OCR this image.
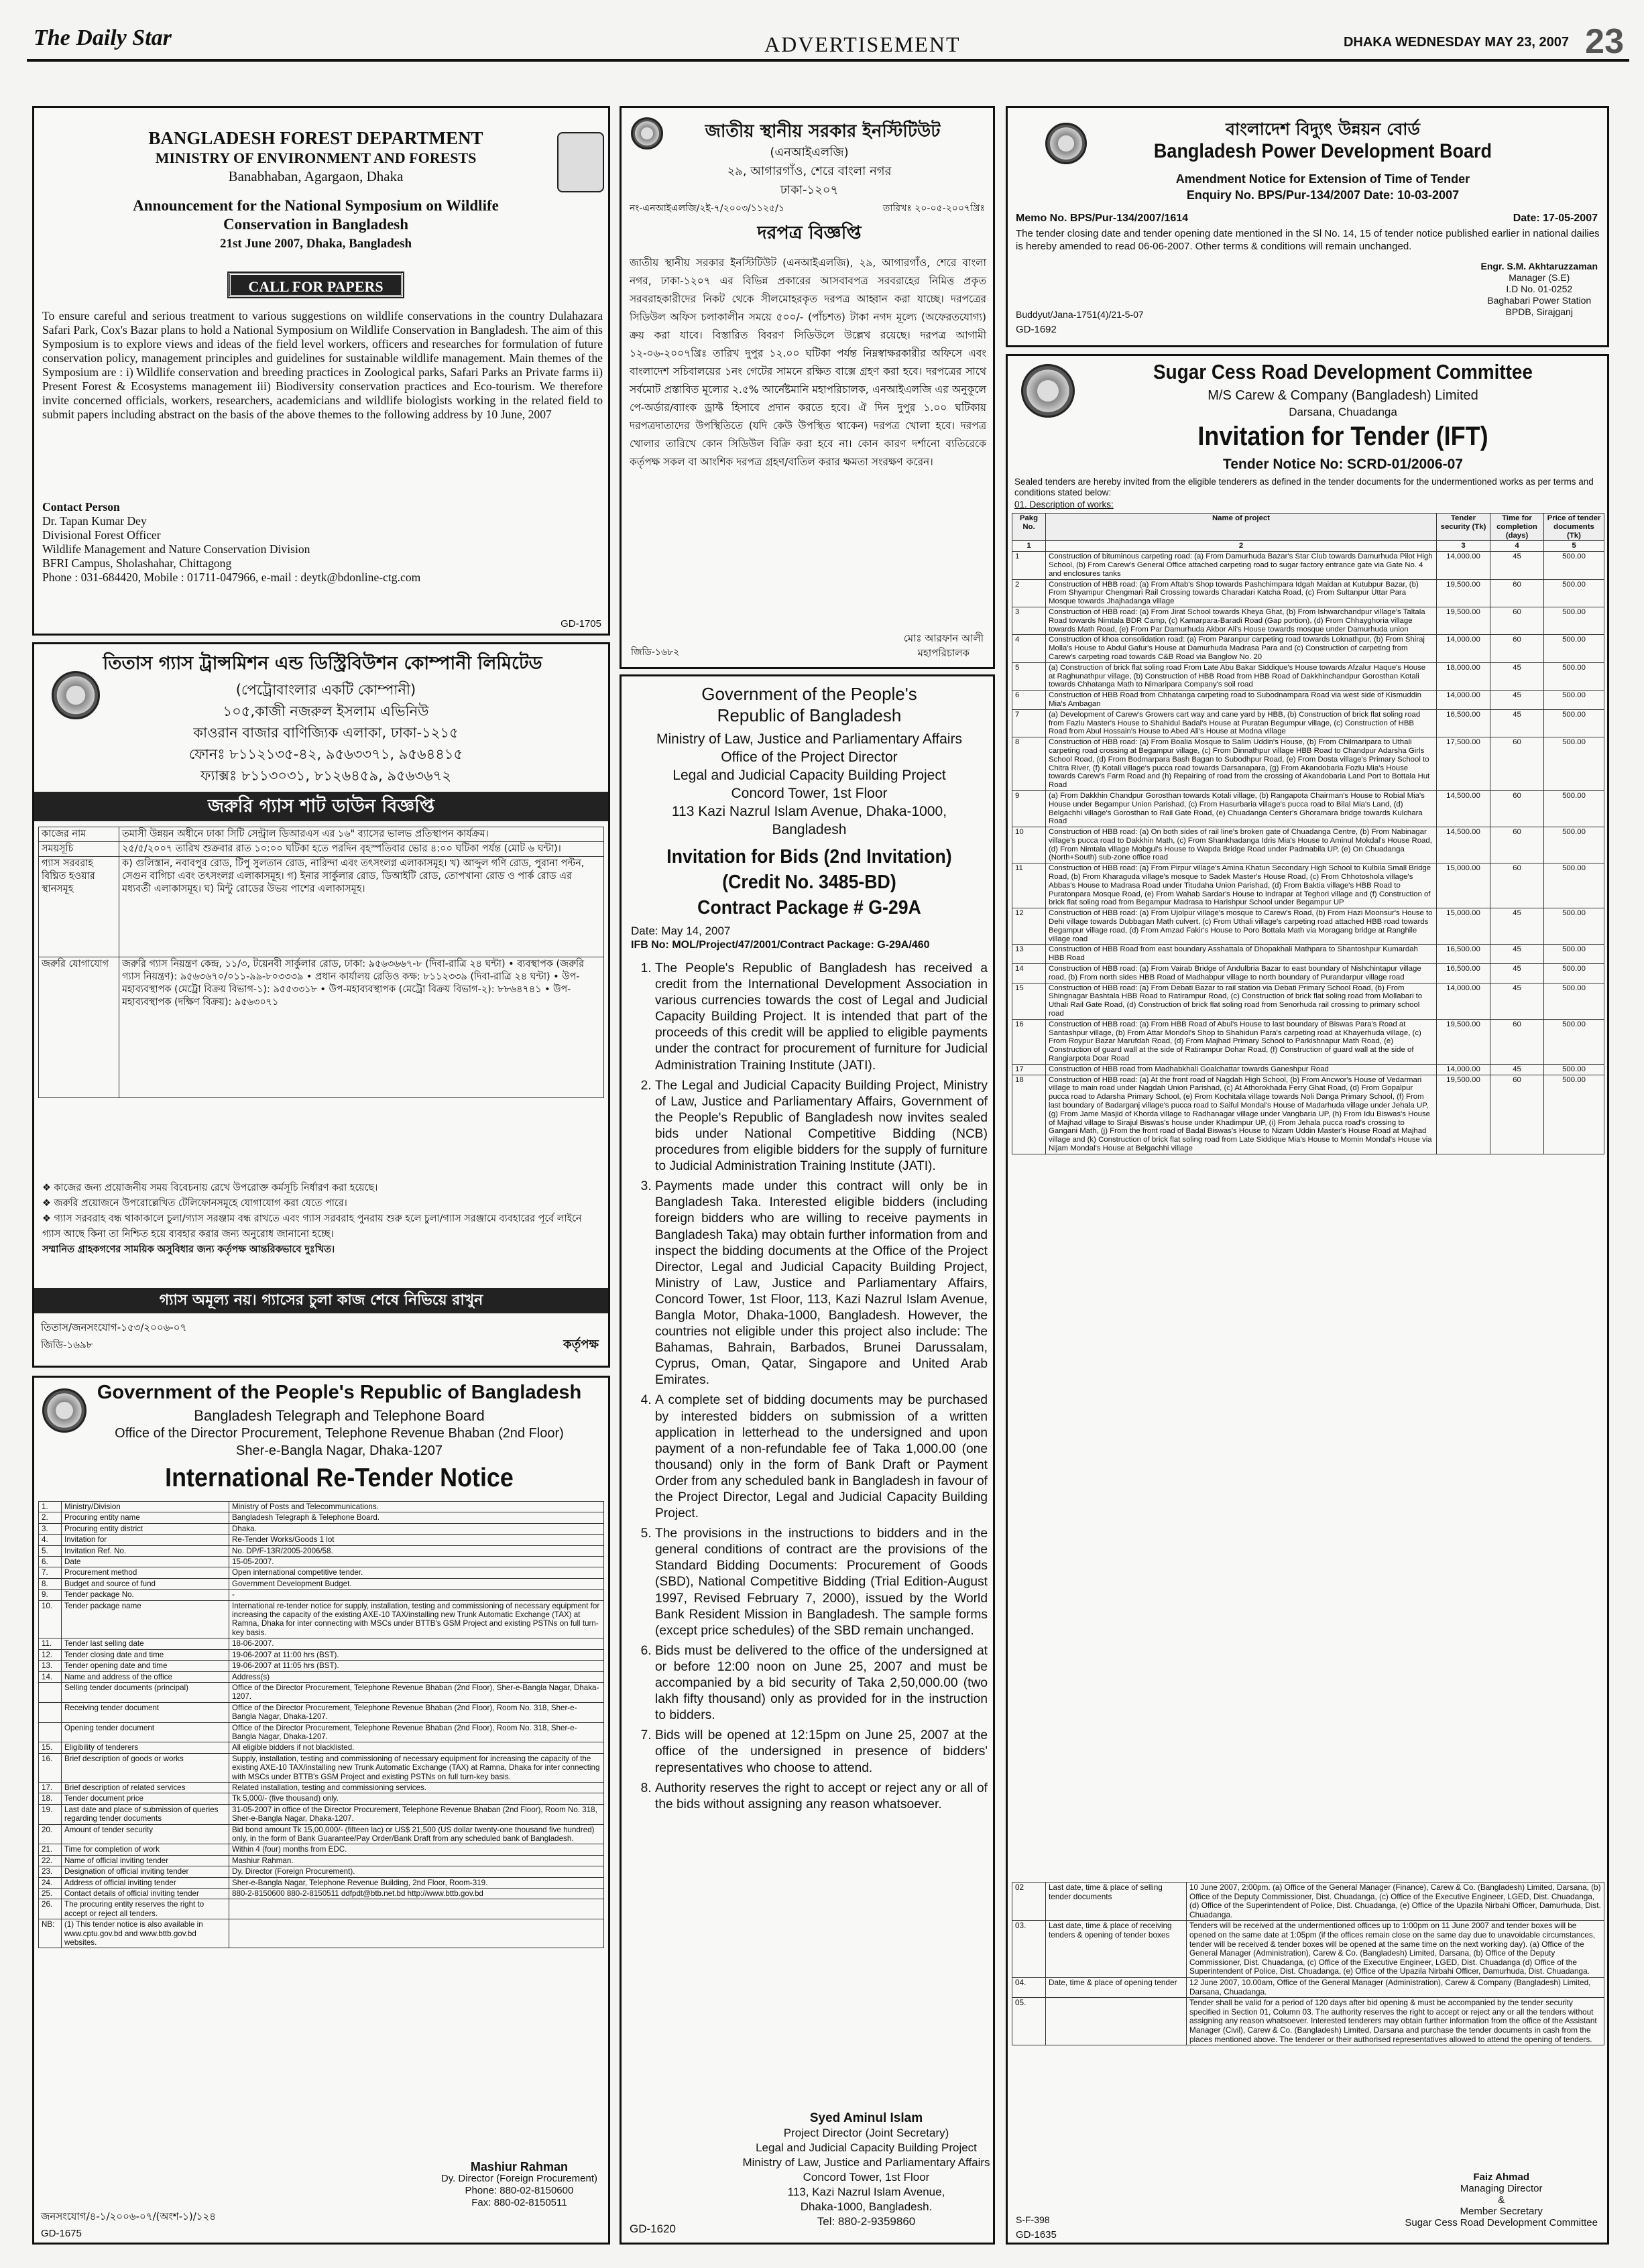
The Daily Star	ADVERTISEMENT	DHAKA WEDNESDAY MAY 23, 2007 23
BANGLADESH FOREST DEPARTMENT
MINISTRY OF ENVIRONMENT AND FORESTS
Banabhaban, Agargaon, Dhaka
Announcement for the National Symposium on Wildlife Conservation in Bangladesh
21st June 2007, Dhaka, Bangladesh
CALL FOR PAPERS
To ensure careful and serious treatment to various suggestions on wildlife conservations in the country Dulahazara Safari Park, Cox's Bazar plans to hold a National Symposium on Wildlife Conservation in Bangladesh. The aim of this Symposium is to explore views and ideas of the field level workers, officers and researches for formulation of future conservation policy, management principles and guidelines for sustainable wildlife management. Main themes of the Symposium are : i) Wildlife conservation and breeding practices in Zoological parks, Safari Parks an Private farms ii) Present Forest & Ecosystems management iii) Biodiversity conservation practices and Eco-tourism. We therefore invite concerned officials, workers, researchers, academicians and wildlife biologists working in the related field to submit papers including abstract on the basis of the above themes to the following address by 10 June, 2007
Contact Person
Dr. Tapan Kumar Dey
Divisional Forest Officer
Wildlife Management and Nature Conservation Division
BFRI Campus, Sholashahar, Chittagong
Phone : 031-684420, Mobile : 01711-047966, e-mail : deytk@bdonline-ctg.com
GD-1705
তিতাস গ্যাস ট্রান্সমিশন এন্ড ডিস্ট্রিবিউশন কোম্পানী লিমিটেড
(পেট্রোবাংলার একটি কোম্পানী)
১০৫,কাজী নজরুল ইসলাম এভিনিউ
কাওরান বাজার বাণিজ্যিক এলাকা, ঢাকা-১২১৫
ফোনঃ ৮১১২১৩৫-৪২, ৯৫৬৩৩৭১, ৯৫৬৪৪১৫
ফ্যাক্সঃ ৮১১৩০৩১, ৮১২৬৪৫৯, ৯৫৬৩৬৭২
জরুরি গ্যাস শাট ডাউন বিজ্ঞপ্তি
কাজের নাম	তমাসী উন্নয়ন অধীনে ঢাকা সিটি সেন্ট্রাল ডিআরএস এর ১৬" ব্যাসের ভালভ প্রতিস্থাপন কার্যক্রম।
সময়সূচি	২৫/৫/২০০৭ তারিখ শুক্রবার রাত ১০:০০ ঘটিকা হতে পরদিন বৃহস্পতিবার ভোর ৪:০০ ঘটিকা পর্যন্ত (মোট ৬ ঘন্টা)।
গ্যাস সরবরাহ বিঘ্নিত হওয়ার স্থানসমূহ	ক) গুলিস্তান, নবাবপুর রোড, টিপু সুলতান রোড, নারিন্দা এবং তৎসংলগ্ন এলাকাসমূহ। খ) আব্দুল গণি রোড, পুরানা পল্টন, সেগুন বাগিচা এবং তৎসংলগ্ন এলাকাসমূহ। গ) ইনার সার্কুলার রোড, ডিআইটি রোড, তোপখানা রোড ও পার্ক রোড এর মধ্যবর্তী এলাকাসমূহ। ঘ) মিন্টু রোডের উভয় পাশের এলাকাসমূহ।
জরুরি যোগাযোগ	জরুরি গ্যাস নিয়ন্ত্রণ কেন্দ্র, ১১/৩, টয়েনবী সার্কুলার রোড, ঢাকা: ৯৫৬৩৬৬৭-৮ (দিবা-রাত্রি ২৪ ঘন্টা) • ব্যবস্থাপক (জরুরি গ্যাস নিয়ন্ত্রণ): ৯৫৬৩৬৭০/০১১-৯৯-৮০৩৩৩৯ • প্রধান কার্যালয় রেডিও কক্ষ: ৮১১২৩৩৯ (দিবা-রাত্রি ২৪ ঘন্টা) • উপ-মহাব্যবস্থাপক (মেট্রো বিক্রয় বিভাগ-১): ৯৫৫৩৩১৮ • উপ-মহাব্যবস্থাপক (মেট্রো বিক্রয় বিভাগ-২): ৮৮৬৪৭৪১ • উপ-মহাব্যবস্থাপক (দক্ষিণ বিক্রয়): ৯৫৬৩০৭১
❖ কাজের জন্য প্রয়োজনীয় সময় বিবেচনায় রেখে উপরোক্ত কর্মসূচি নির্ধারণ করা হয়েছে।
❖ জরুরি প্রয়োজনে উপরোল্লেখিত টেলিফোনসমূহে যোগাযোগ করা যেতে পারে।
❖ গ্যাস সরবরাহ বন্ধ থাকাকালে চুলা/গ্যাস সরঞ্জাম বন্ধ রাখতে এবং গ্যাস সরবরাহ পুনরায় শুরু হলে চুলা/গ্যাস সরঞ্জামে ব্যবহারের পূর্বে লাইনে গ্যাস আছে কিনা তা নিশ্চিত হয়ে ব্যবহার করার জন্য অনুরোধ জানানো হচ্ছে।
সম্মানিত গ্রাহকগণের সাময়িক অসুবিধার জন্য কর্তৃপক্ষ আন্তরিকভাবে দুঃখিত।
গ্যাস অমূল্য নয়। গ্যাসের চুলা কাজ শেষে নিভিয়ে রাখুন
তিতাস/জনসংযোগ-১৫৩/২০০৬-০৭
জিডি-১৬৯৮	কর্তৃপক্ষ
Government of the People's Republic of Bangladesh
Bangladesh Telegraph and Telephone Board
Office of the Director Procurement, Telephone Revenue Bhaban (2nd Floor)
Sher-e-Bangla Nagar, Dhaka-1207
International Re-Tender Notice
1.	Ministry/Division	Ministry of Posts and Telecommunications.
2.	Procuring entity name	Bangladesh Telegraph & Telephone Board.
3.	Procuring entity district	Dhaka.
4.	Invitation for	Re-Tender Works/Goods 1 lot
5.	Invitation Ref. No.	No. DP/F-13R/2005-2006/58.
6.	Date	15-05-2007.
7.	Procurement method	Open international competitive tender.
8.	Budget and source of fund	Government Development Budget.
9.	Tender package No.	-
10.	Tender package name	International re-tender notice for supply, installation, testing and commissioning of necessary equipment for increasing the capacity of the existing AXE-10 TAX/installing new Trunk Automatic Exchange (TAX) at Ramna, Dhaka for inter connecting with MSCs under BTTB's GSM Project and existing PSTNs on full turn-key basis.
11.	Tender last selling date	18-06-2007.
12.	Tender closing date and time	19-06-2007 at 11:00 hrs (BST).
13.	Tender opening date and time	19-06-2007 at 11:05 hrs (BST).
14.	Name and address of the office	Address(s)
	Selling tender documents (principal)	Office of the Director Procurement, Telephone Revenue Bhaban (2nd Floor), Sher-e-Bangla Nagar, Dhaka-1207.
	Receiving tender document	Office of the Director Procurement, Telephone Revenue Bhaban (2nd Floor), Room No. 318, Sher-e-Bangla Nagar, Dhaka-1207.
	Opening tender document	Office of the Director Procurement, Telephone Revenue Bhaban (2nd Floor), Room No. 318, Sher-e-Bangla Nagar, Dhaka-1207.
15.	Eligibility of tenderers	All eligible bidders if not blacklisted.
16.	Brief description of goods or works	Supply, installation, testing and commissioning of necessary equipment for increasing the capacity of the existing AXE-10 TAX/installing new Trunk Automatic Exchange (TAX) at Ramna, Dhaka for inter connecting with MSCs under BTTB's GSM Project and existing PSTNs on full turn-key basis.
17.	Brief description of related services	Related installation, testing and commissioning services.
18.	Tender document price	Tk 5,000/- (five thousand) only.
19.	Last date and place of submission of queries regarding tender documents	31-05-2007 in office of the Director Procurement, Telephone Revenue Bhaban (2nd Floor), Room No. 318, Sher-e-Bangla Nagar, Dhaka-1207.
20.	Amount of tender security	Bid bond amount Tk 15,00,000/- (fifteen lac) or US$ 21,500 (US dollar twenty-one thousand five hundred) only, in the form of Bank Guarantee/Pay Order/Bank Draft from any scheduled bank of Bangladesh.
21.	Time for completion of work	Within 4 (four) months from EDC.
22.	Name of official inviting tender	Mashiur Rahman.
23.	Designation of official inviting tender	Dy. Director (Foreign Procurement).
24.	Address of official inviting tender	Sher-e-Bangla Nagar, Telephone Revenue Building, 2nd Floor, Room-319.
25.	Contact details of official inviting tender	880-2-8150600 880-2-8150511 ddfpdt@btb.net.bd http://www.bttb.gov.bd
26.	The procuring entity reserves the right to accept or reject all tenders.	
NB:	(1) This tender notice is also available in www.cptu.gov.bd and www.bttb.gov.bd websites.	
Mashiur Rahman
Dy. Director (Foreign Procurement)
Phone: 880-02-8150600
Fax: 880-02-8150511
জনসংযোগ/৪-১/২০০৬-০৭/(অংশ-১)/১২৪
GD-1675
জাতীয় স্থানীয় সরকার ইনস্টিটিউট
(এনআইএলজি)
২৯, আগারগাঁও, শেরে বাংলা নগর
ঢাকা-১২০৭
নং-এনআইএলজি/২ই-৭/২০০৩/১১২৫/১	তারিখঃ ২০-০৫-২০০৭খ্রিঃ
দরপত্র বিজ্ঞপ্তি
জাতীয় স্থানীয় সরকার ইনস্টিটিউট (এনআইএলজি), ২৯, আগারগাঁও, শেরে বাংলা নগর, ঢাকা-১২০৭ এর বিভিন্ন প্রকারের আসবাবপত্র সরবরাহের নিমিত্ত প্রকৃত সরবরাহকারীদের নিকট থেকে সীলমোহরকৃত দরপত্র আহ্বান করা যাচ্ছে। দরপত্রের সিডিউল অফিস চলাকালীন সময়ে ৫০০/- (পাঁচশত) টাকা নগদ মূল্যে (অফেরতযোগ্য) ক্রয় করা যাবে। বিস্তারিত বিবরণ সিডিউলে উল্লেখ রয়েছে। দরপত্র আগামী ১২-০৬-২০০৭খ্রিঃ তারিখ দুপুর ১২.০০ ঘটিকা পর্যন্ত নিম্নস্বাক্ষরকারীর অফিসে এবং বাংলাদেশ সচিবালয়ের ১নং গেটের সামনে রক্ষিত বাক্সে গ্রহণ করা হবে। দরপত্রের সাথে সর্বমোট প্রস্তাবিত মূল্যের ২.৫% আর্নেষ্টমানি মহাপরিচালক, এনআইএলজি এর অনুকূলে পে-অর্ডার/ব্যাংক ড্রাফ্ট হিসাবে প্রদান করতে হবে। ঐ দিন দুপুর ১.০০ ঘটিকায় দরপত্রদাতাদের উপস্থিতিতে (যদি কেউ উপস্থিত থাকেন) দরপত্র খোলা হবে। দরপত্র খোলার তারিখে কোন সিডিউল বিক্রি করা হবে না। কোন কারণ দর্শানো ব্যতিরেকে কর্তৃপক্ষ সকল বা আংশিক দরপত্র গ্রহণ/বাতিল করার ক্ষমতা সংরক্ষণ করেন।
জিডি-১৬৮২
মোঃ আরফান আলী
মহাপরিচালক
Government of the People's
Republic of Bangladesh
Ministry of Law, Justice and Parliamentary Affairs
Office of the Project Director
Legal and Judicial Capacity Building Project
Concord Tower, 1st Floor
113 Kazi Nazrul Islam Avenue, Dhaka-1000,
Bangladesh
Invitation for Bids (2nd Invitation)
(Credit No. 3485-BD)
Contract Package # G-29A
Date: May 14, 2007
IFB No: MOL/Project/47/2001/Contract Package: G-29A/460
1. The People's Republic of Bangladesh has received a credit from the International Development Association in various currencies towards the cost of Legal and Judicial Capacity Building Project. It is intended that part of the proceeds of this credit will be applied to eligible payments under the contract for procurement of furniture for Judicial Administration Training Institute (JATI).
2. The Legal and Judicial Capacity Building Project, Ministry of Law, Justice and Parliamentary Affairs, Government of the People's Republic of Bangladesh now invites sealed bids under National Competitive Bidding (NCB) procedures from eligible bidders for the supply of furniture to Judicial Administration Training Institute (JATI).
3. Payments made under this contract will only be in Bangladesh Taka. Interested eligible bidders (including foreign bidders who are willing to receive payments in Bangladesh Taka) may obtain further information from and inspect the bidding documents at the Office of the Project Director, Legal and Judicial Capacity Building Project, Ministry of Law, Justice and Parliamentary Affairs, Concord Tower, 1st Floor, 113, Kazi Nazrul Islam Avenue, Bangla Motor, Dhaka-1000, Bangladesh. However, the countries not eligible under this project also include: The Bahamas, Bahrain, Barbados, Brunei Darussalam, Cyprus, Oman, Qatar, Singapore and United Arab Emirates.
4. A complete set of bidding documents may be purchased by interested bidders on submission of a written application in letterhead to the undersigned and upon payment of a non-refundable fee of Taka 1,000.00 (one thousand) only in the form of Bank Draft or Payment Order from any scheduled bank in Bangladesh in favour of the Project Director, Legal and Judicial Capacity Building Project.
5. The provisions in the instructions to bidders and in the general conditions of contract are the provisions of the Standard Bidding Documents: Procurement of Goods (SBD), National Competitive Bidding (Trial Edition-August 1997, Revised February 7, 2000), issued by the World Bank Resident Mission in Bangladesh. The sample forms (except price schedules) of the SBD remain unchanged.
6. Bids must be delivered to the office of the undersigned at or before 12:00 noon on June 25, 2007 and must be accompanied by a bid security of Taka 2,50,000.00 (two lakh fifty thousand) only as provided for in the instruction to bidders.
7. Bids will be opened at 12:15pm on June 25, 2007 at the office of the undersigned in presence of bidders' representatives who choose to attend.
8. Authority reserves the right to accept or reject any or all of the bids without assigning any reason whatsoever.
Syed Aminul Islam
Project Director (Joint Secretary)
Legal and Judicial Capacity Building Project
Ministry of Law, Justice and Parliamentary Affairs
Concord Tower, 1st Floor
113, Kazi Nazrul Islam Avenue,
Dhaka-1000, Bangladesh.
Tel: 880-2-9359860
GD-1620
বাংলাদেশ বিদ্যুৎ উন্নয়ন বোর্ড
Bangladesh Power Development Board
Amendment Notice for Extension of Time of Tender
Enquiry No. BPS/Pur-134/2007 Date: 10-03-2007
Memo No. BPS/Pur-134/2007/1614	Date: 17-05-2007
The tender closing date and tender opening date mentioned in the Sl No. 14, 15 of tender notice published earlier in national dailies is hereby amended to read 06-06-2007. Other terms & conditions will remain unchanged.
Engr. S.M. Akhtaruzzaman
Manager (S.E)
I.D No. 01-0252
Baghabari Power Station
BPDB, Sirajganj
Buddyut/Jana-1751(4)/21-5-07
GD-1692
Sugar Cess Road Development Committee
M/S Carew & Company (Bangladesh) Limited
Darsana, Chuadanga
Invitation for Tender (IFT)
Tender Notice No: SCRD-01/2006-07
Sealed tenders are hereby invited from the eligible tenderers as defined in the tender documents for the undermentioned works as per terms and conditions stated below:
01. Description of works:
Pakg No.	Name of project	Tender security (Tk)	Time for completion (days)	Price of tender documents (Tk)
1	2	3	4	5
1	Construction of bituminous carpeting road: (a) From Damurhuda Bazar's Star Club towards Damurhuda Pilot High School, (b) From Carew's General Office attached carpeting road to sugar factory entrance gate via Gate No. 4 and enclosures tanks	14,000.00	45	500.00
2	Construction of HBB road: (a) From Aftab's Shop towards Pashchimpara Idgah Maidan at Kutubpur Bazar, (b) From Shyampur Chengmari Rail Crossing towards Charadari Katcha Road, (c) From Sultanpur Uttar Para Mosque towards Jhajhadanga village	19,500.00	60	500.00
3	Construction of HBB road: (a) From Jirat School towards Kheya Ghat, (b) From Ishwarchandpur village's Taltala Road towards Nimtala BDR Camp, (c) Kamarpara-Baradi Road (Gap portion), (d) From Chhayghoria village towards Math Road, (e) From Par Damurhuda Akbor Ali's House towards mosque under Damurhuda union	19,500.00	60	500.00
4	Construction of khoa consolidation road: (a) From Paranpur carpeting road towards Loknathpur, (b) From Shiraj Molla's House to Abdul Gafur's House at Damurhuda Madrasa Para and (c) Construction of carpeting from Carew's carpeting road towards C&B Road via Banglow No. 20	14,000.00	60	500.00
5	(a) Construction of brick flat soling road From Late Abu Bakar Siddique's House towards Afzalur Haque's House at Raghunathpur village, (b) Construction of HBB Road from HBB Road of Dakkhinchandpur Gorosthan Kotali towards Chhatanga Math to Nimaripara Company's soil road	18,000.00	45	500.00
6	Construction of HBB Road from Chhatanga carpeting road to Subodnampara Road via west side of Kismuddin Mia's Ambagan	14,000.00	45	500.00
7	(a) Development of Carew's Growers cart way and cane yard by HBB, (b) Construction of brick flat soling road from Fazlu Master's House to Shahidul Badal's House at Puratan Begumpur village, (c) Construction of HBB Road from Abul Hossain's House to Abed Ali's House at Modna village	16,500.00	45	500.00
8	Construction of HBB road: (a) From Boalia Mosque to Salim Uddin's House, (b) From Chilmaripara to Uthali carpeting road crossing at Begampur village, (c) From Dinnathpur village HBB Road to Chandpur Adarsha Girls School Road, (d) From Bodmarpara Bash Bagan to Subodhpur Road, (e) From Dosta village's Primary School to Chitra River, (f) Kotali village's pucca road towards Darsanapara, (g) From Akandobaria Fozlu Mia's House towards Carew's Farm Road and (h) Repairing of road from the crossing of Akandobaria Land Port to Bottala Hut Road	17,500.00	60	500.00
9	(a) From Dakkhin Chandpur Gorosthan towards Kotali village, (b) Rangapota Chairman's House to Robial Mia's House under Begampur Union Parishad, (c) From Hasurbaria village's pucca road to Bilal Mia's Land, (d) Belgachhi village's Gorosthan to Rail Gate Road, (e) Chuadanga Center's Ghoramara bridge towards Kulchara Road	14,500.00	60	500.00
10	Construction of HBB road: (a) On both sides of rail line's broken gate of Chuadanga Centre, (b) From Nabinagar village's pucca road to Dakkhin Math, (c) From Shankhadanga Idris Mia's House to Aminul Mokdal's House Road, (d) From Nimtala village Mobgul's House to Wapda Bridge Road under Padmabila UP, (e) On Chuadanga (North+South) sub-zone office road	14,500.00	60	500.00
11	Construction of HBB road: (a) From Pirpur village's Amina Khatun Secondary High School to Kulbila Small Bridge Road, (b) From Kharaguda village's mosque to Sadek Master's House Road, (c) From Chhotoshola village's Abbas's House to Madrasa Road under Titudaha Union Parishad, (d) From Baktia village's HBB Road to Puratonpara Mosque Road, (e) From Wahab Sardar's House to Indrapar at Teghori village and (f) Construction of brick flat soling road from Begampur Madrasa to Harishpur School under Begampur UP	15,000.00	60	500.00
12	Construction of HBB road: (a) From Ujolpur village's mosque to Carew's Road, (b) From Hazi Moonsur's House to Dehi village towards Dubbagan Math culvert, (c) From Uthali village's carpeting road attached HBB road towards Begampur village road, (d) From Amzad Fakir's House to Poro Bottala Math via Moragang bridge at Ranghile village road	15,000.00	45	500.00
13	Construction of HBB Road from east boundary Asshattala of Dhopakhali Mathpara to Shantoshpur Kumardah HBB Road	16,500.00	45	500.00
14	Construction of HBB road: (a) From Vairab Bridge of Andulbria Bazar to east boundary of Nishchintapur village road, (b) From north sides HBB Road of Madhabpur village to north boundary of Purandarpur village road	16,500.00	45	500.00
15	Construction of HBB road: (a) From Debati Bazar to rail station via Debati Primary School Road, (b) From Shingnagar Bashtala HBB Road to Ratirampur Road, (c) Construction of brick flat soling road from Mollabari to Uthali Rail Gate Road, (d) Construction of brick flat soling road from Senorhuda rail crossing to primary school road	14,000.00	45	500.00
16	Construction of HBB road: (a) From HBB Road of Abul's House to last boundary of Biswas Para's Road at Santashpur village, (b) From Attar Mondol's Shop to Shahidun Para's carpeting road at Khayerhuda village, (c) From Roypur Bazar Marufdah Road, (d) From Majhad Primary School to Parkishnapur Math Road, (e) Construction of guard wall at the side of Ratirampur Dohar Road, (f) Construction of guard wall at the side of Rangiarpota Doar Road	19,500.00	60	500.00
17	Construction of HBB road from Madhabkhali Goalchattar towards Ganeshpur Road	14,000.00	45	500.00
18	Construction of HBB road: (a) At the front road of Nagdah High School, (b) From Ancwor's House of Vedarmari village to main road under Nagdah Union Parishad, (c) At Athorokhada Ferry Ghat Road, (d) From Gopalpur pucca road to Adarsha Primary School, (e) From Kochitala village towards Noli Danga Primary School, (f) From last boundary of Badarganj village's pucca road to Saiful Mondal's House of Madarhuda village under Jehala UP, (g) From Jame Masjid of Khorda village to Radhanagar village under Vangbaria UP, (h) From Idu Biswas's House of Majhad village to Sirajul Biswas's house under Khadimpur UP, (i) From Jehala pucca road's crossing to Gangani Math, (j) From the front road of Badal Biswas's House to Nizam Uddin Master's House Road at Majhad village and (k) Construction of brick flat soling road from Late Siddique Mia's House to Momin Mondal's House via Nijam Mondal's House at Belgachhi village	19,500.00	60	500.00
02	Last date, time & place of selling tender documents	10 June 2007, 2:00pm. (a) Office of the General Manager (Finance), Carew & Co. (Bangladesh) Limited, Darsana, (b) Office of the Deputy Commissioner, Dist. Chuadanga, (c) Office of the Executive Engineer, LGED, Dist. Chuadanga, (d) Office of the Superintendent of Police, Dist. Chuadanga, (e) Office of the Upazila Nirbahi Officer, Damurhuda, Dist. Chuadanga.
03.	Last date, time & place of receiving tenders & opening of tender boxes	Tenders will be received at the undermentioned offices up to 1:00pm on 11 June 2007 and tender boxes will be opened on the same date at 1:05pm (if the offices remain close on the same day due to unavoidable circumstances, tender will be received & tender boxes will be opened at the same time on the next working day). (a) Office of the General Manager (Administration), Carew & Co. (Bangladesh) Limited, Darsana, (b) Office of the Deputy Commissioner, Dist. Chuadanga, (c) Office of the Executive Engineer, LGED, Dist. Chuadanga (d) Office of the Superintendent of Police, Dist. Chuadanga, (e) Office of the Upazila Nirbahi Officer, Damurhuda, Dist. Chuadanga.
04.	Date, time & place of opening tender	12 June 2007, 10.00am, Office of the General Manager (Administration), Carew & Company (Bangladesh) Limited, Darsana, Chuadanga.
05.		Tender shall be valid for a period of 120 days after bid opening & must be accompanied by the tender security specified in Section 01, Column 03. The authority reserves the right to accept or reject any or all the tenders without assigning any reason whatsoever. Interested tenderers may obtain further information from the office of the Assistant Manager (Civil), Carew & Co. (Bangladesh) Limited, Darsana and purchase the tender documents in cash from the places mentioned above. The tenderer or their authorised representatives allowed to attend the opening of tenders.
Faiz Ahmad
Managing Director
&
Member Secretary
Sugar Cess Road Development Committee
S-F-398
GD-1635
